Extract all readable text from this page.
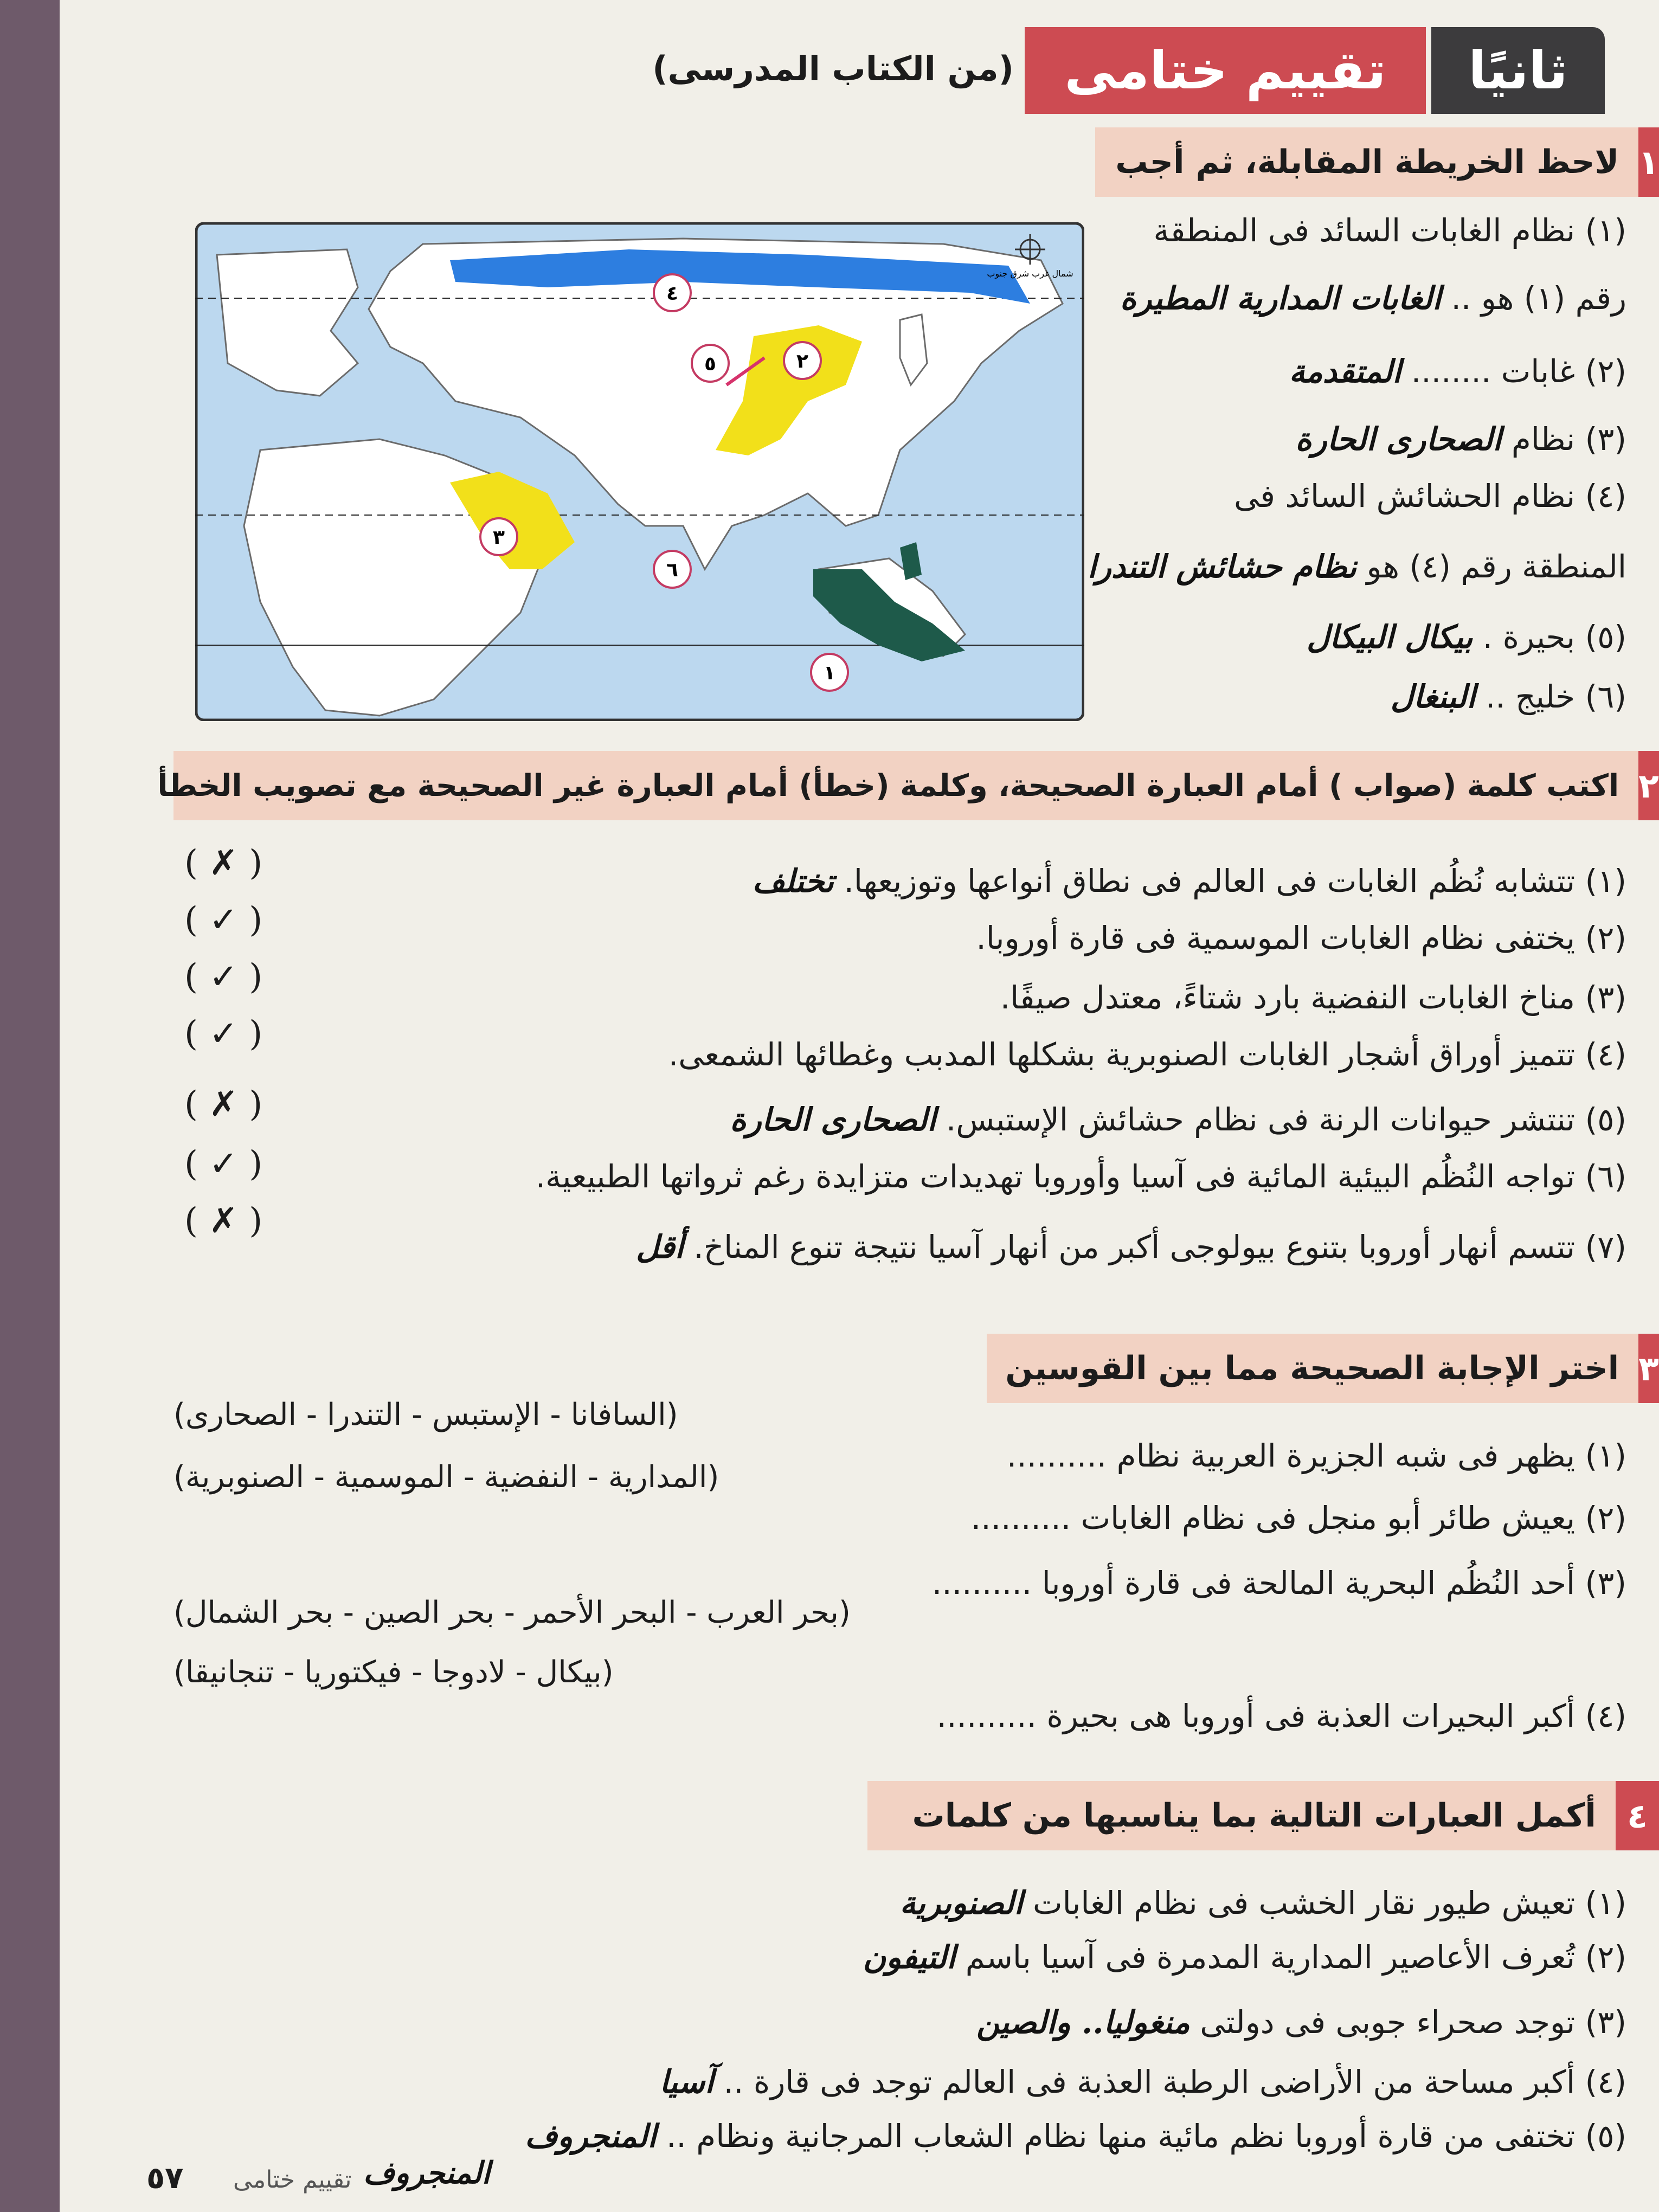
ثانيًا
تقييم ختامى
(من الكتاب المدرسى)
١
لاحظ الخريطة المقابلة، ثم أجب
(١) نظام الغابات السائد فى المنطقة
رقم (١) هو .. الغابات المدارية المطيرة
(٢) غابات ........ المتقدمة
(٣) نظام الصحارى الحارة
(٤) نظام الحشائش السائد فى
المنطقة رقم (٤) هو نظام حشائش التندرا
(٥) بحيرة . بيكال البيكال
(٦) خليج .. البنغال
١
٢
٣
٤
٥
٦
شمال غرب شرق جنوب
٢
اكتب كلمة (صواب ) أمام العبارة الصحيحة، وكلمة (خطأ) أمام العبارة غير الصحيحة مع تصويب الخطأ
(١) تتشابه نُظُم الغابات فى العالم فى نطاق أنواعها وتوزيعها. تختلف
( ✗ )
(٢) يختفى نظام الغابات الموسمية فى قارة أوروبا.
( ✓ )
(٣) مناخ الغابات النفضية بارد شتاءً، معتدل صيفًا.
( ✓ )
(٤) تتميز أوراق أشجار الغابات الصنوبرية بشكلها المدبب وغطائها الشمعى.
( ✓ )
(٥) تنتشر حيوانات الرنة فى نظام حشائش الإستبس. الصحارى الحارة
( ✗ )
(٦) تواجه النُظُم البيئية المائية فى آسيا وأوروبا تهديدات متزايدة رغم ثرواتها الطبيعية.
( ✓ )
(٧) تتسم أنهار أوروبا بتنوع بيولوجى أكبر من أنهار آسيا نتيجة تنوع المناخ. أقل
( ✗ )
٣
اختر الإجابة الصحيحة مما بين القوسين
(١) يظهر فى شبه الجزيرة العربية نظام ..........
(السافانا - الإستبس - التندرا - الصحارى)
(٢) يعيش طائر أبو منجل فى نظام الغابات ..........
(المدارية - النفضية - الموسمية - الصنوبرية)
(٣) أحد النُظُم البحرية المالحة فى قارة أوروبا ..........
(بحر العرب - البحر الأحمر - بحر الصين - بحر الشمال)
(٤) أكبر البحيرات العذبة فى أوروبا هى بحيرة ..........
(بيكال - لادوجا - فيكتوريا - تنجانيقا)
٤
أكمل العبارات التالية بما يناسبها من كلمات
(١) تعيش طيور نقار الخشب فى نظام الغابات الصنوبرية
(٢) تُعرف الأعاصير المدارية المدمرة فى آسيا باسم التيفون
(٣) توجد صحراء جوبى فى دولتى منغوليا.. والصين
(٤) أكبر مساحة من الأراضى الرطبة العذبة فى العالم توجد فى قارة .. آسيا
(٥) تختفى من قارة أوروبا نظم مائية منها نظام الشعاب المرجانية ونظام .. المنجروف
المنجروف
٥٧ تقييم ختامى
